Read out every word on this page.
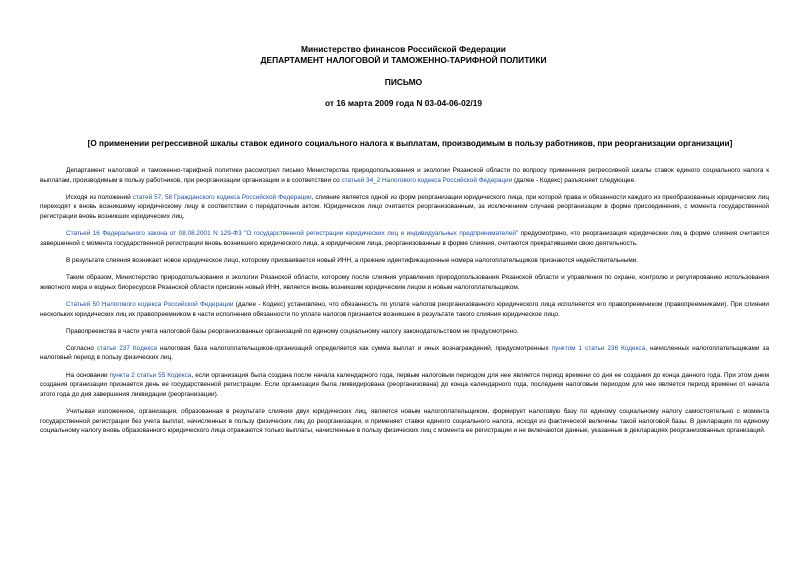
Министерство финансов Российской Федерации
ДЕПАРТАМЕНТ НАЛОГОВОЙ И ТАМОЖЕННО-ТАРИФНОЙ ПОЛИТИКИ
ПИСЬМО
от 16 марта 2009 года N 03-04-06-02/19
[О применении регрессивной шкалы ставок единого социального налога к выплатам, производимым в пользу работников, при реорганизации организации]

Департамент налоговой и таможенно-тарифной политики рассмотрел письмо Министерства природопользования и экологии Рязанской области по вопросу применения регрессивной шкалы ставок единого социального налога к выплатам, производимым в пользу работников, при реорганизации организации и в соответствии со статьей 34_2 Налогового кодекса Российской Федерации (далее - Кодекс) разъясняет следующее.

Исходя из положений статей 57, 58 Гражданского кодекса Российской Федерации, слияние является одной из форм реорганизации юридического лица, при которой права и обязанности каждого из преобразованных юридических лиц переходят к вновь возникшему юридическому лицу в соответствии с передаточным актом. Юридическое лицо считается реорганизованным, за исключением случаев реорганизации в форме присоединения, с момента государственной регистрации вновь возникших юридических лиц.

Статьей 16 Федерального закона от 08.08.2001 N 129-ФЗ "О государственной регистрации юридических лиц и индивидуальных предпринимателей" предусмотрено, что реорганизация юридических лиц в форме слияния считается завершенной с момента государственной регистрации вновь возникшего юридического лица, а юридические лица, реорганизованные в форме слияния, считаются прекратившими свою деятельность.

В результате слияния возникает новое юридическое лицо, которому присваивается новый ИНН, а прежние идентификационные номера налогоплательщиков признаются недействительными.

Таким образом, Министерство природопользования и экологии Рязанской области, которому после слияния управления природопользования Рязанской области и управления по охране, контролю и регулированию использования животного мира и водных биоресурсов Рязанской области присвоен новый ИНН, является вновь возникшим юридическим лицом и новым налогоплательщиком.

Статьей 50 Налогового кодекса Российской Федерации (далее - Кодекс) установлено, что обязанность по уплате налогов реорганизованного юридического лица исполняется его правопреемником (правопреемниками). При слиянии нескольких юридических лиц их правопреемником в части исполнения обязанности по уплате налогов признается возникшее в результате такого слияния юридическое лицо.

Правопреемства в части учета налоговой базы реорганизованных организаций по единому социальному налогу законодательством не предусмотрено.

Согласно статье 237 Кодекса налоговая база налогоплательщиков-организаций определяется как сумма выплат и иных вознаграждений, предусмотренных пунктом 1 статьи 236 Кодекса, начисленных налогоплательщиками за налоговый период в пользу физических лиц.

На основании пункта 2 статьи 55 Кодекса, если организация была создана после начала календарного года, первым налоговым периодом для нее является период времени со дня ее создания до конца данного года. При этом днем создания организации признается день ее государственной регистрации. Если организация была ликвидирована (реорганизована) до конца календарного года, последним налоговым периодом для нее является период времени от начала этого года до дня завершения ликвидации (реорганизации).

Учитывая изложенное, организация, образованная в результате слияния двух юридических лиц, является новым налогоплательщиком, формирует налоговую базу по единому социальному налогу самостоятельно с момента государственной регистрации без учета выплат, начисленных в пользу физических лиц до реорганизации, и применяет ставки единого социального налога, исходя из фактической величины такой налоговой базы. В декларации по единому социальному налогу вновь образованного юридического лица отражаются только выплаты, начисленные в пользу физических лиц с момента ее регистрации и не включаются данные, указанные в декларациях реорганизованных организаций.
